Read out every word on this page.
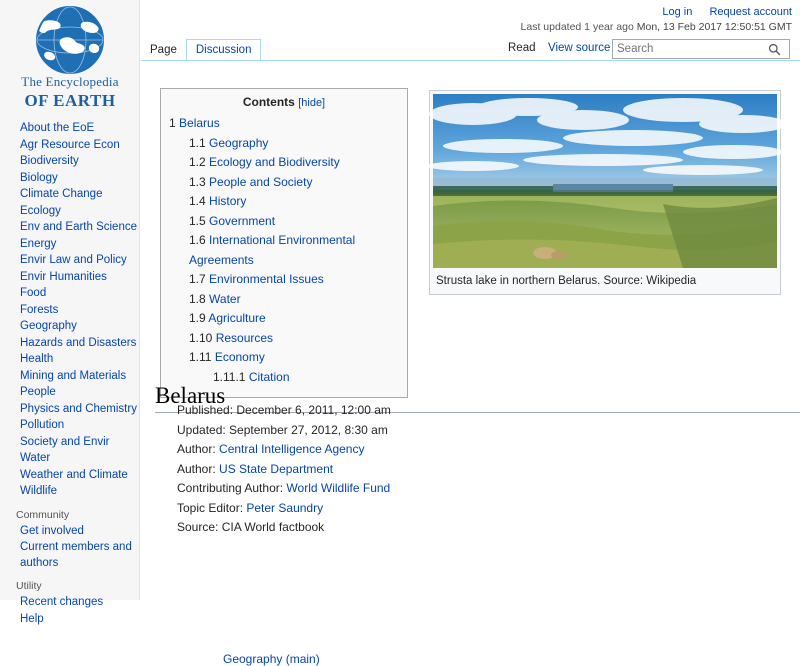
The Encyclopedia
OF EARTH
About the EoE
Agr Resource Econ
Biodiversity
Biology
Climate Change
Ecology
Env and Earth Science
Energy
Envir Law and Policy
Envir Humanities
Food
Forests
Geography
Hazards and Disasters
Health
Mining and Materials
People
Physics and Chemistry
Pollution
Society and Envir
Water
Weather and Climate
Wildlife
Community
Get involved
Current members and authors
Utility
Recent changes
Help
Log in Request account
Last updated 1 year ago Mon, 13 Feb 2017 12:50:51 GMT
Page	Discussion	Read View source
Search
Contents [hide]
1 Belarus
1.1 Geography
1.2 Ecology and Biodiversity
1.3 People and Society
1.4 History
1.5 Government
1.6 International Environmental Agreements
1.7 Environmental Issues
1.8 Water
1.9 Agriculture
1.10 Resources
1.11 Economy
1.11.1 Citation
Strusta lake in northern Belarus. Source: Wikipedia
Belarus
Published: December 6, 2011, 12:00 am
Updated: September 27, 2012, 8:30 am
Author: Central Intelligence Agency
Author: US State Department
Contributing Author: World Wildlife Fund
Topic Editor: Peter Saundry
Source: CIA World factbook
Geography (main)
